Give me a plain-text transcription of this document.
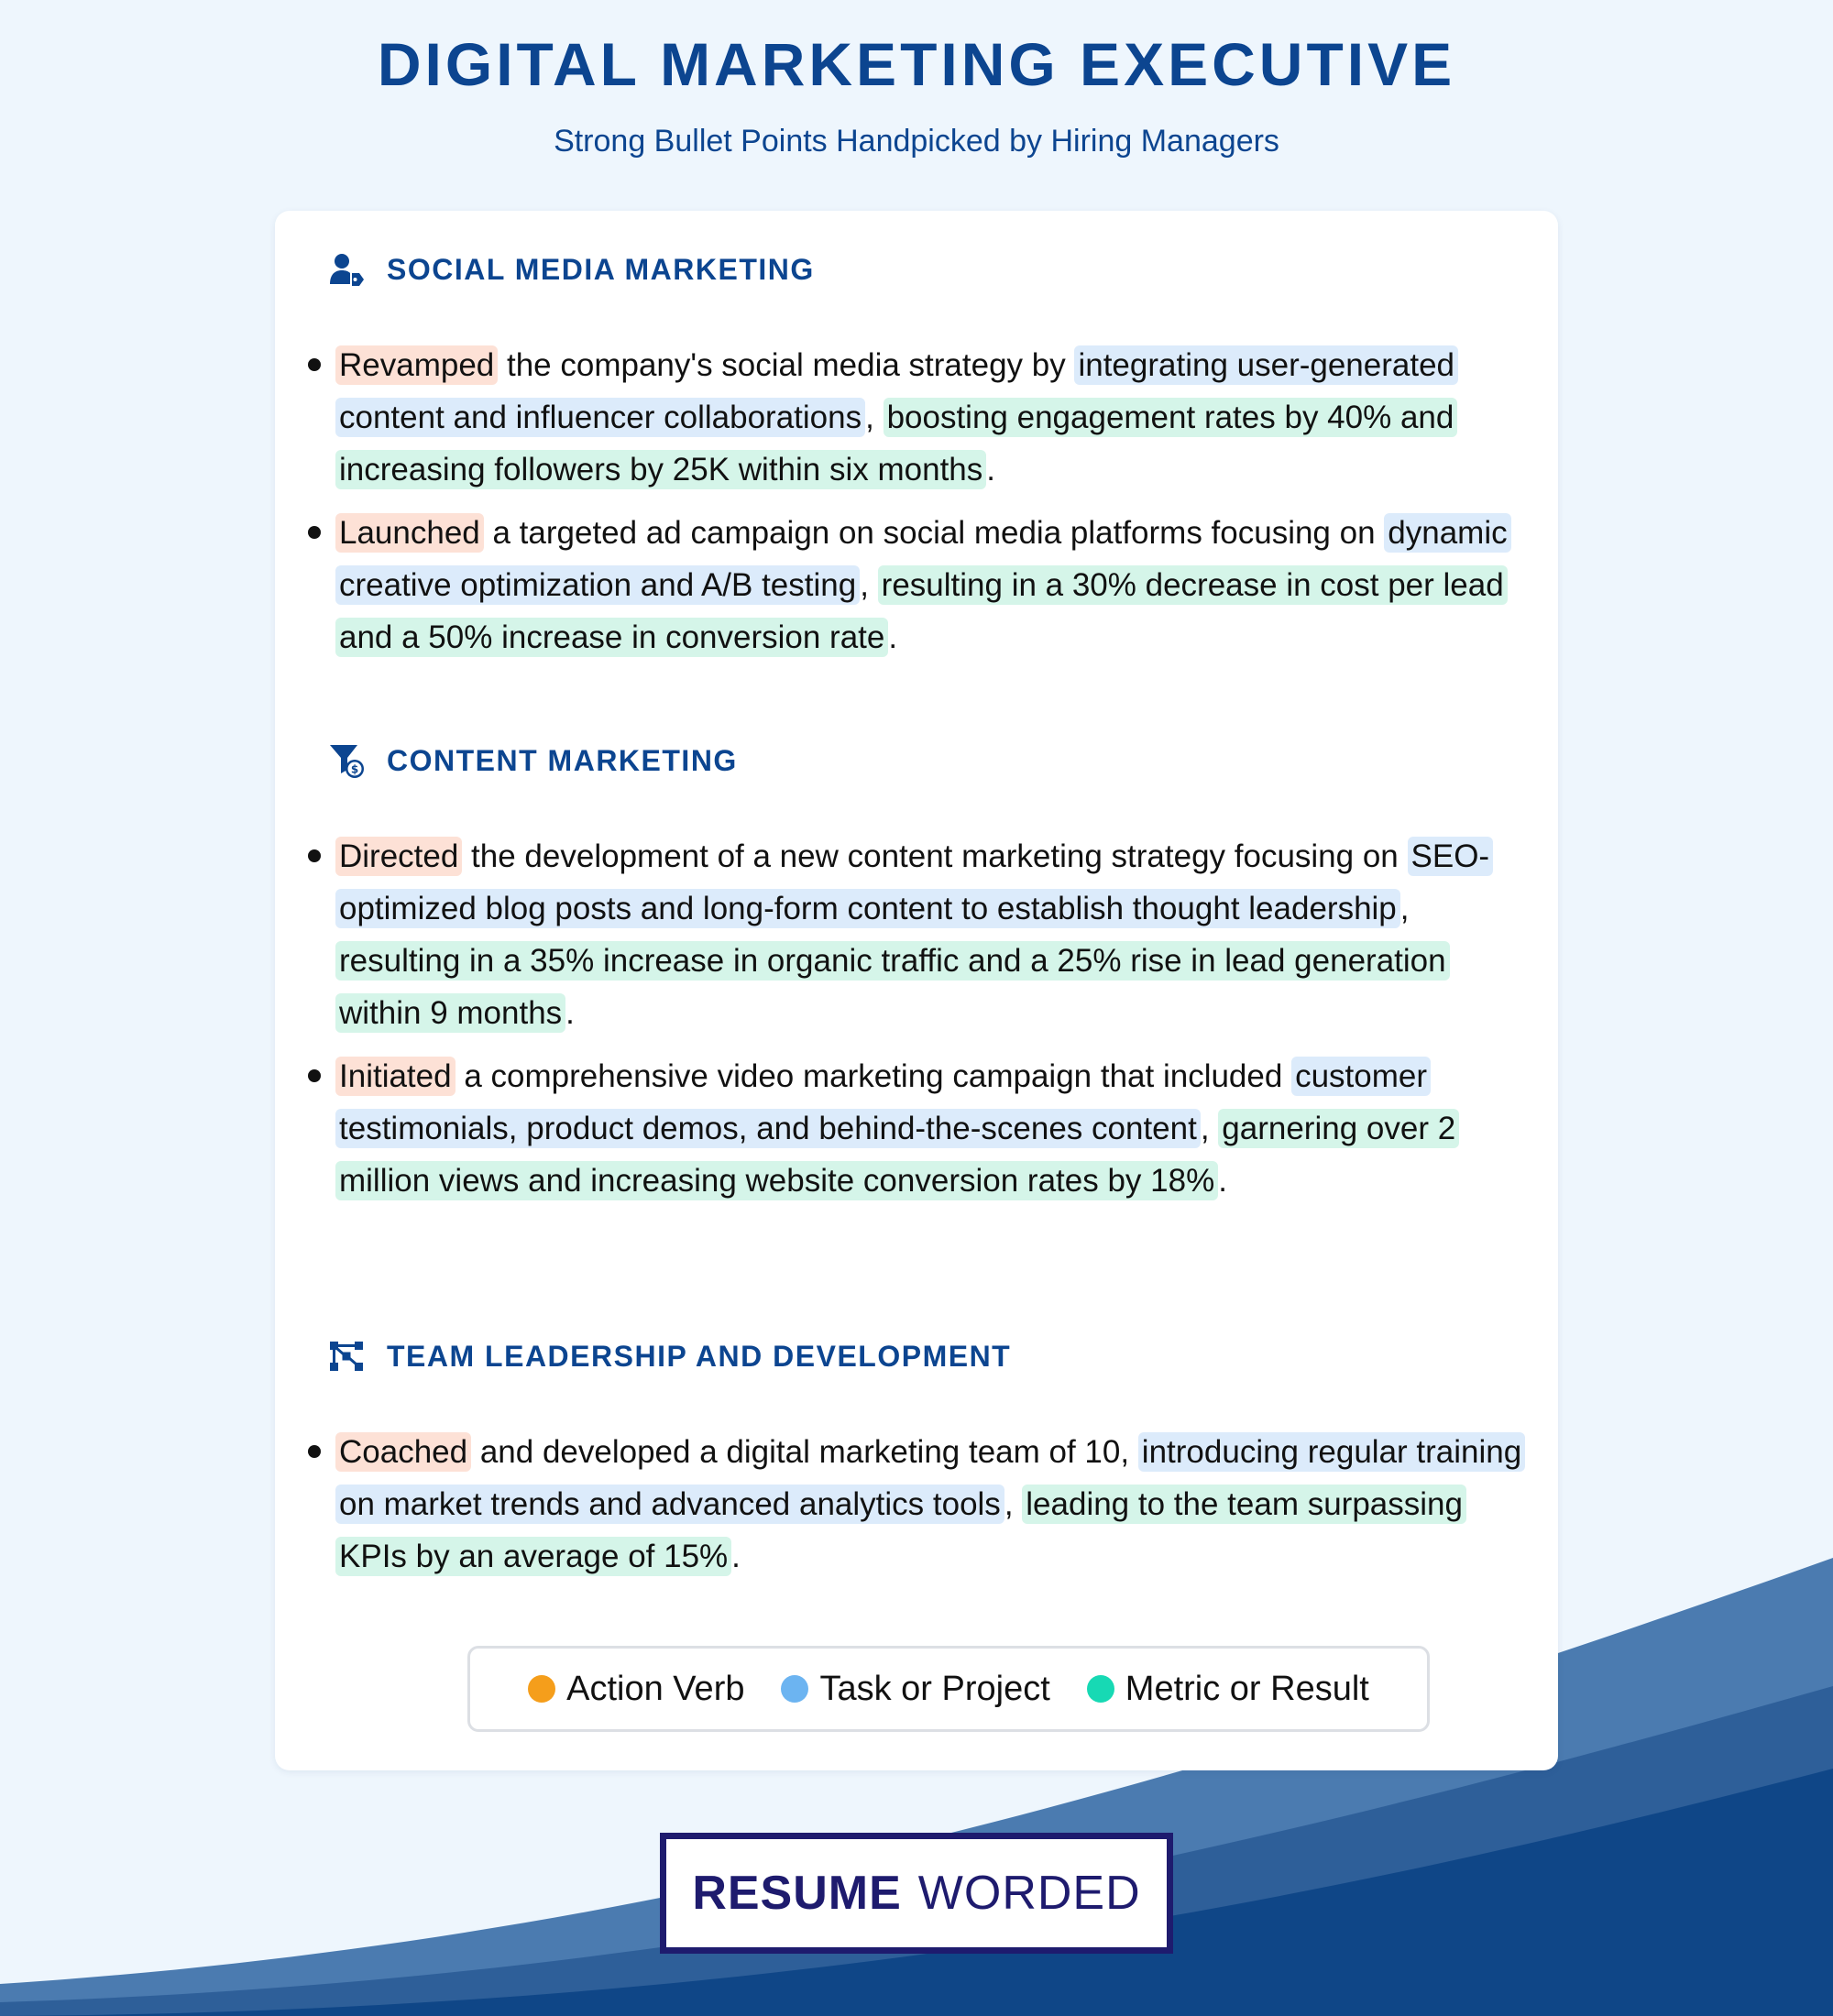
DIGITAL MARKETING EXECUTIVE
Strong Bullet Points Handpicked by Hiring Managers
SOCIAL MEDIA MARKETING
Revamped the company's social media strategy by integrating user-generated content and influencer collaborations , boosting engagement rates by 40% and increasing followers by 25K within six months .
Launched a targeted ad campaign on social media platforms focusing on dynamic creative optimization and A/B testing , resulting in a 30% decrease in cost per lead and a 50% increase in conversion rate .
$ CONTENT MARKETING
Directed the development of a new content marketing strategy focusing on SEO-optimized blog posts and long-form content to establish thought leadership , resulting in a 35% increase in organic traffic and a 25% rise in lead generation within 9 months .
Initiated a comprehensive video marketing campaign that included customer testimonials, product demos, and behind-the-scenes content , garnering over 2 million views and increasing website conversion rates by 18% .
TEAM LEADERSHIP AND DEVELOPMENT
Coached and developed a digital marketing team of 10, introducing regular training on market trends and advanced analytics tools , leading to the team surpassing KPIs by an average of 15% .
Action Verb Task or Project Metric or Result
RESUME WORDED
